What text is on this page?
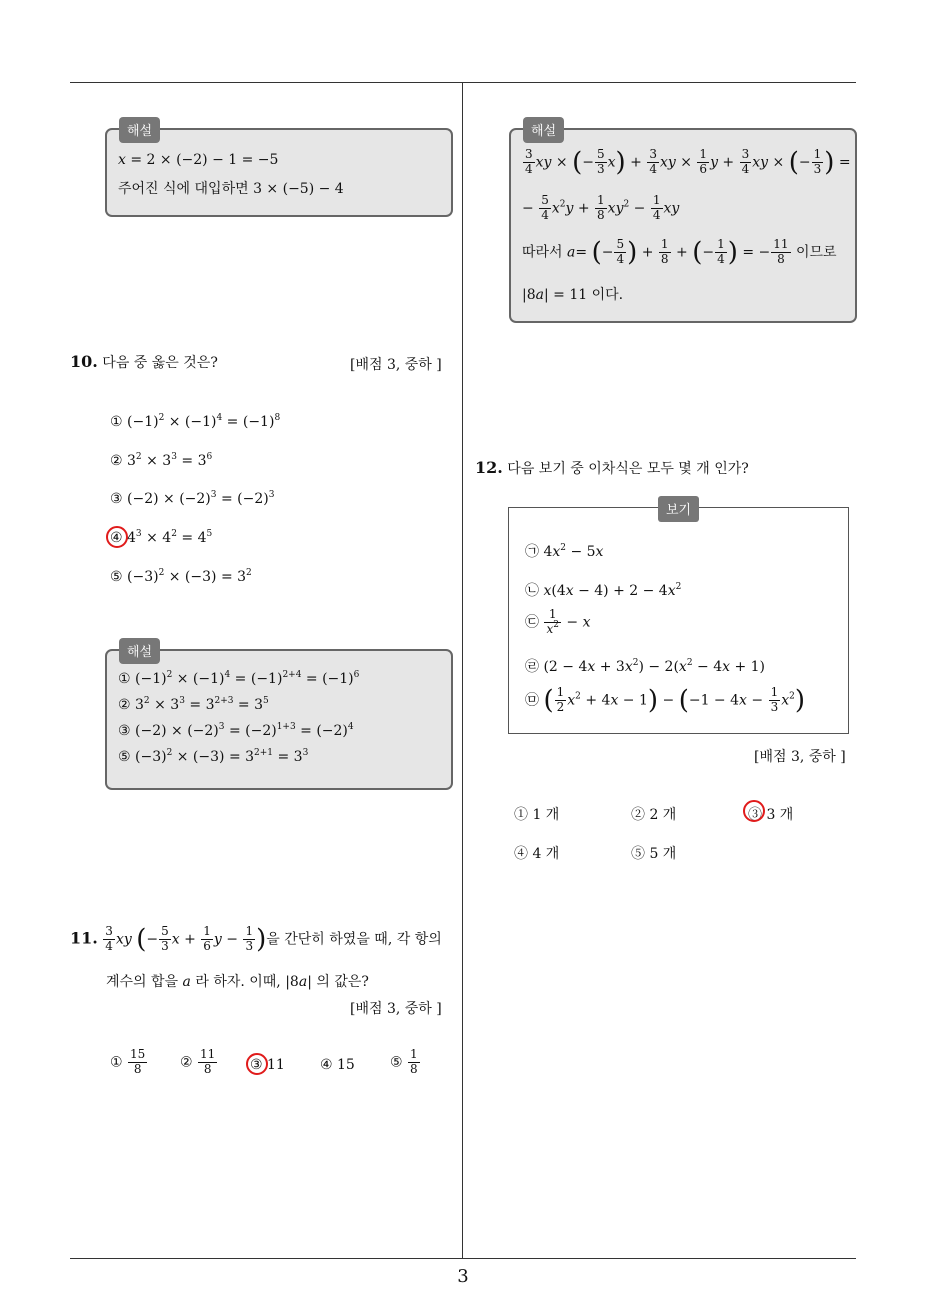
x = 2 × (−2) − 1 = −5
주어진 식에 대입하면 3 × (−5) − 4
해설
10. 다음 중 옳은 것은?	[배점 3, 중하 ]
① $(-1)^2 \times (-1)^4 = (-1)^8$
② $3^2 \times 3^3 = 3^6$
③ $(-2) \times (-2)^3 = (-2)^3$
④ $4^3 \times 4^2 = 4^5$
⑤ $(-3)^2 \times (-3) = 3^2$
① $(-1)^2 \times (-1)^4 = (-1)^{2+4} = (-1)^6$
② $3^2 \times 3^3 = 3^{2+3} = 3^5$
③ $(-2) \times (-2)^3 = (-2)^{1+3} = (-2)^4$
⑤ $(-3)^2 \times (-3) = 3^{2+1} = 3^3$
해설
11. $\frac{3}{4}$ xy (− $\frac{5}{3}$ $x + \frac{1}{6}$ $y - \frac{1}{3}$ )을 간단히 하였을 때, 각 항의
계수의 합을 a 라 하자. 이때, |8a| 의 값은?
[배점 3, 중하 ]
① $\frac{15}{8}$ ② $\frac{11}{8}$ ③ 11	④ 15	⑤ $\frac{1}{8}$
$\frac{3}{4}$ xy × (− $\frac{5}{3} x) + \frac{3}{4}$ xy × $\frac{1}{6}$ $y + \frac{3}{4}$ xy × (− $\frac{1}{3}$ ) =
− $\frac{5}{4} x^2y + \frac{1}{8} xy^2 - \frac{1}{4}$ xy
따라서 a= (− $\frac{5}{4}$ ) + $\frac{1}{8}$ + (− $\frac{1}{4}$ ) = − $\frac{11}{8}$ 이므로
|8a| = 11 이다.
해설
12. 다음 보기 중 이차식은 모두 몇 개 인가?
㉠ $4x^2 - 5x$
㉡ $x(4x - 4) + 2 - 4x^2$
㉢ $\frac{1}{x^2} - x$
㉣ $(2 - 4x + 3x^2) - 2(x^2 - 4x + 1)$
㉤ ( $\frac{1}{2} x^2 + 4x - 1) - (-1 - 4x - \frac{1}{3} x^2)$
보기
[배점 3, 중하 ]
① 1 개	② 2 개	③ 3 개
④ 4 개	⑤ 5 개
3
